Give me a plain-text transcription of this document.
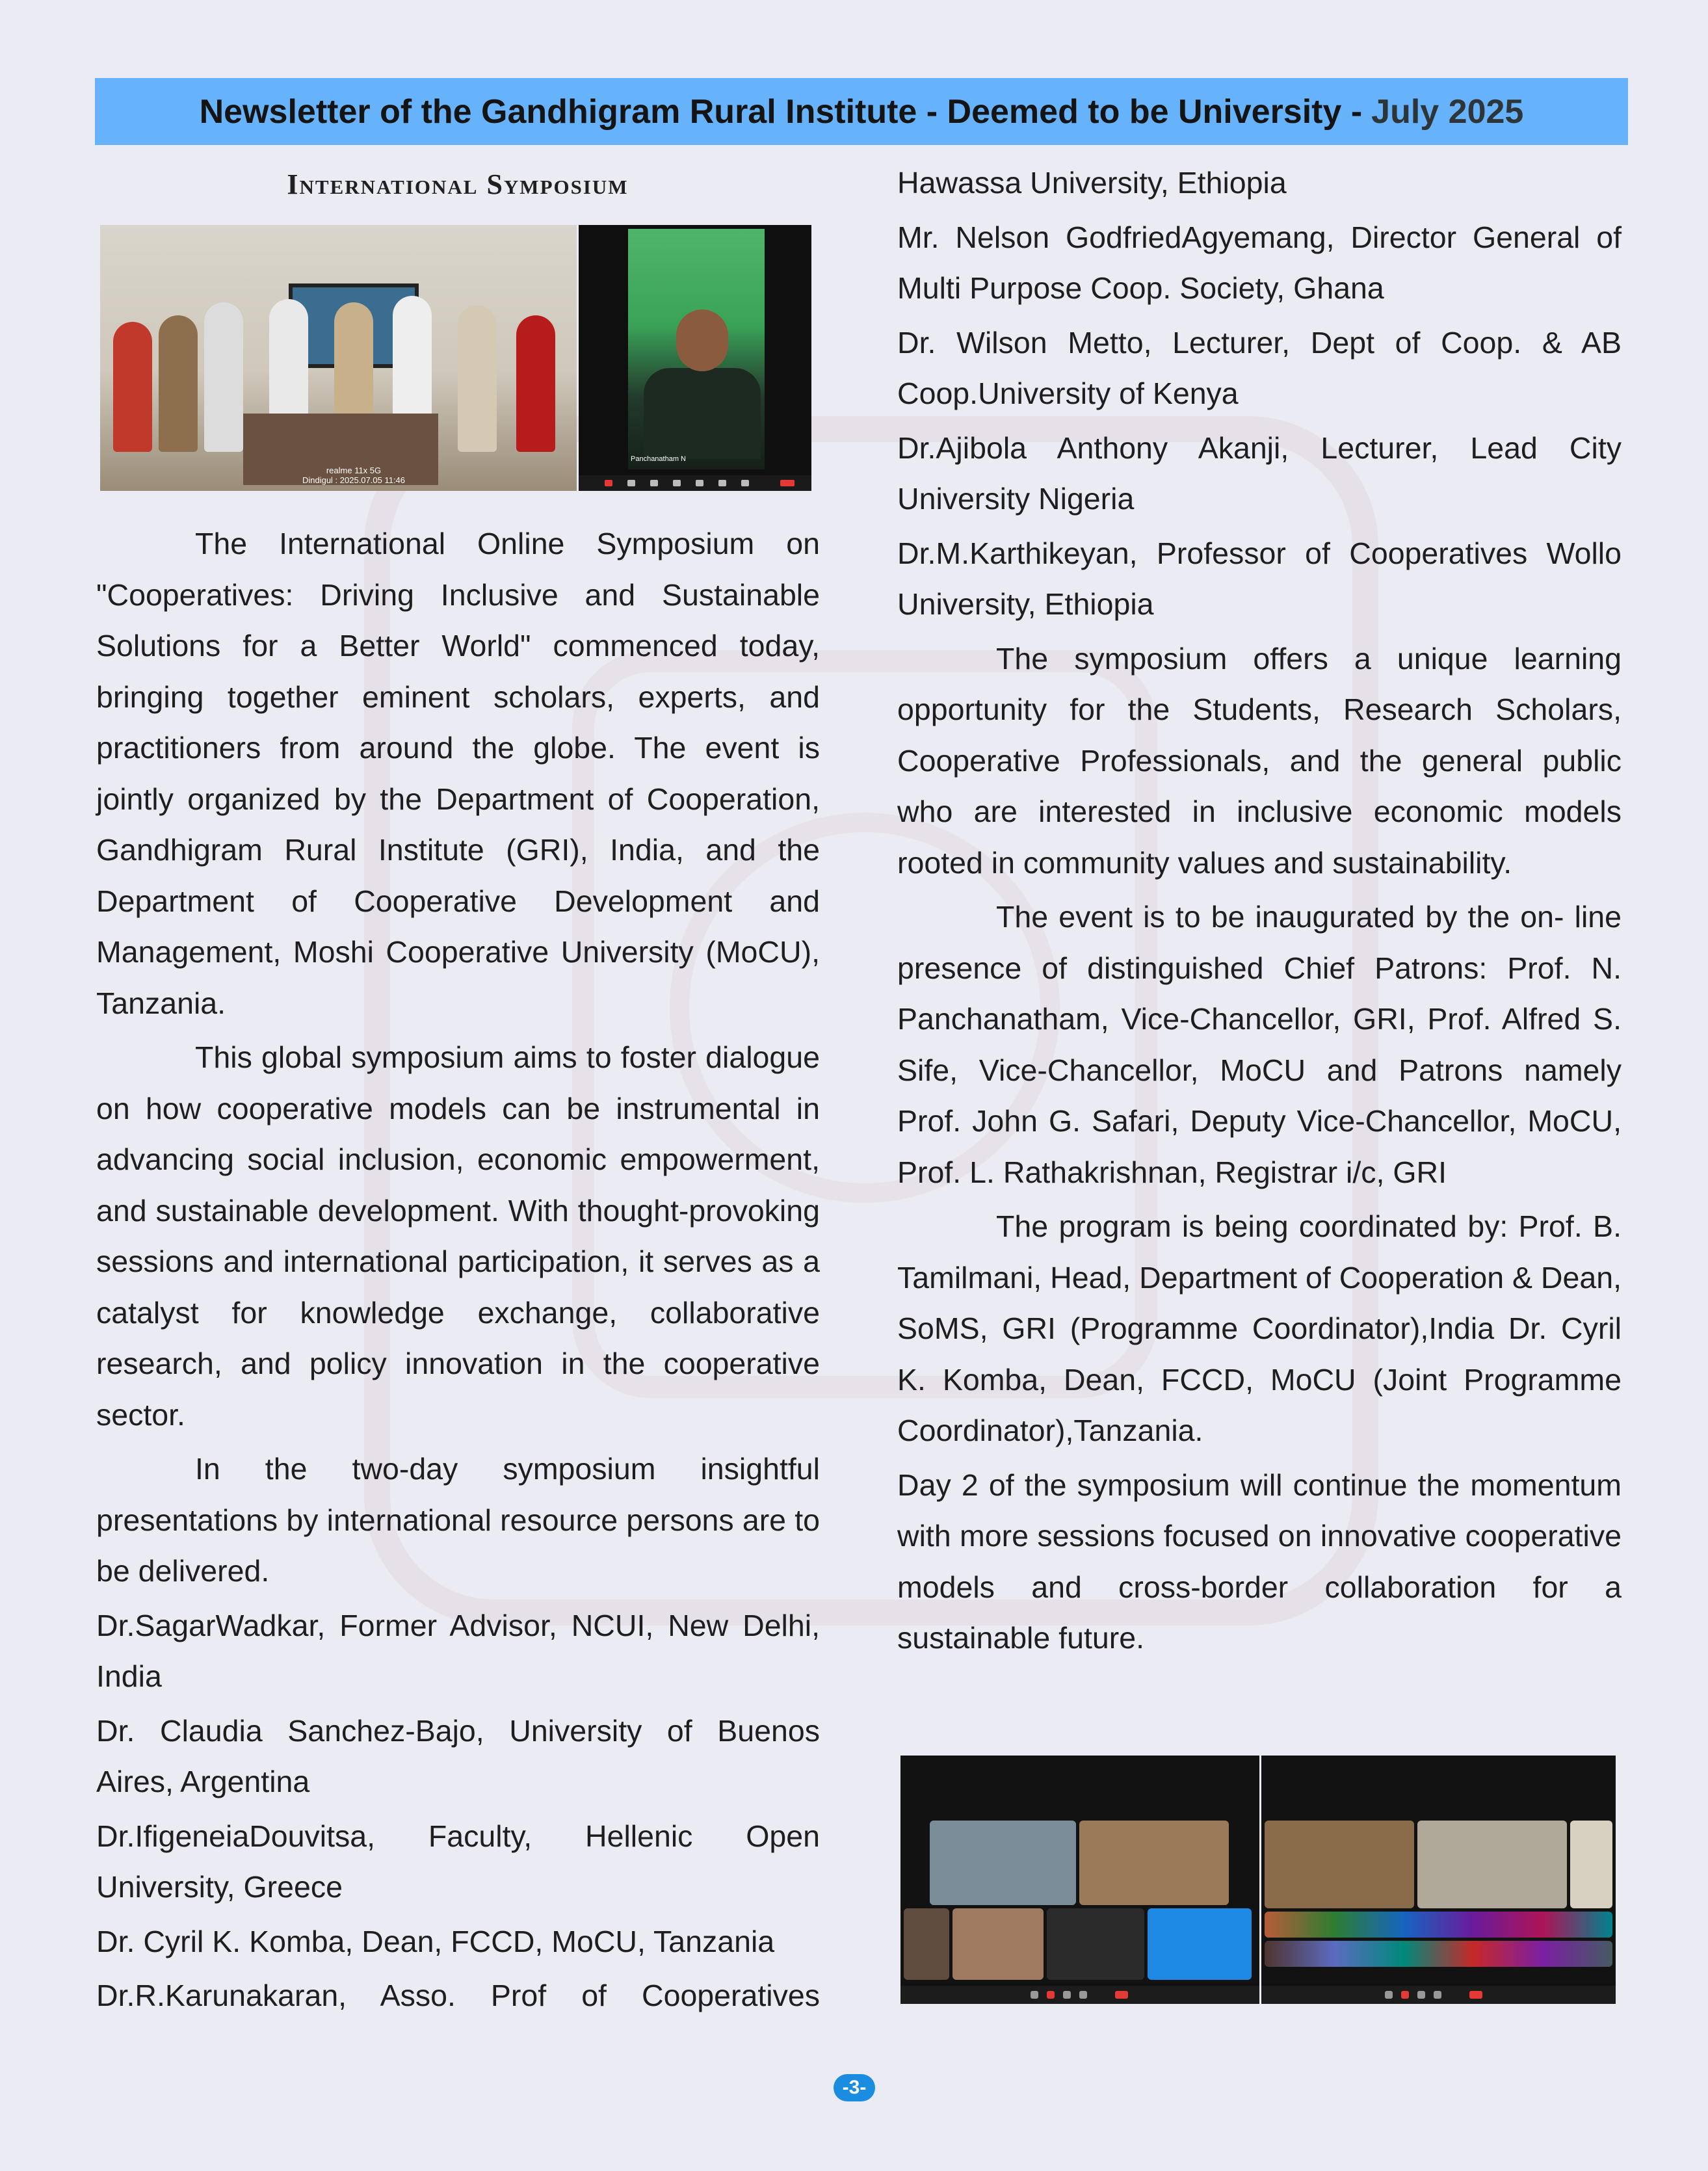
Newsletter of the Gandhigram Rural Institute - Deemed to be University - July 2025
International Symposium
realme 11x 5G
Dindigul : 2025.07.05 11:46
Panchanatham N

The International Online Symposium on "Cooperatives: Driving Inclusive and Sustainable Solutions for a Better World" commenced today, bringing together eminent scholars, experts, and practitioners from around the globe. The event is jointly organized by the Department of Cooperation, Gandhigram Rural Institute (GRI), India, and the Department of Cooperative Development and Management, Moshi Cooperative University (MoCU), Tanzania.

This global symposium aims to foster dialogue on how cooperative models can be instrumental in advancing social inclusion, economic empowerment, and sustainable development. With thought-provoking sessions and international participation, it serves as a catalyst for knowledge exchange, collaborative research, and policy innovation in the cooperative sector.

In the two-day symposium insightful presentations by international resource persons are to be delivered.

Dr.SagarWadkar, Former Advisor, NCUI, New Delhi, India

Dr. Claudia Sanchez-Bajo, University of Buenos Aires, Argentina

Dr.IfigeneiaDouvitsa, Faculty, Hellenic Open University, Greece

Dr. Cyril K. Komba, Dean, FCCD, MoCU, Tanzania

Dr.R.Karunakaran, Asso. Prof of Cooperatives

Hawassa University, Ethiopia

Mr. Nelson GodfriedAgyemang, Director General of Multi Purpose Coop. Society, Ghana

Dr. Wilson Metto, Lecturer, Dept of Coop. & AB Coop.University of Kenya

Dr.Ajibola Anthony Akanji, Lecturer, Lead City University Nigeria

Dr.M.Karthikeyan, Professor of Cooperatives Wollo University, Ethiopia

The symposium offers a unique learning opportunity for the Students, Research Scholars, Cooperative Professionals, and the general public who are interested in inclusive economic models rooted in community values and sustainability.

The event is to be inaugurated by the on- line presence of distinguished Chief Patrons: Prof. N. Panchanatham, Vice-Chancellor, GRI, Prof. Alfred S. Sife, Vice-Chancellor, MoCU and Patrons namely Prof. John G. Safari, Deputy Vice-Chancellor, MoCU, Prof. L. Rathakrishnan, Registrar i/c, GRI

The program is being coordinated by: Prof. B. Tamilmani, Head, Department of Cooperation & Dean, SoMS, GRI (Programme Coordinator),India Dr. Cyril K. Komba, Dean, FCCD, MoCU (Joint Programme Coordinator),Tanzania.

Day 2 of the symposium will continue the momentum with more sessions focused on innovative cooperative models and cross-border collaboration for a sustainable future.

-3-
